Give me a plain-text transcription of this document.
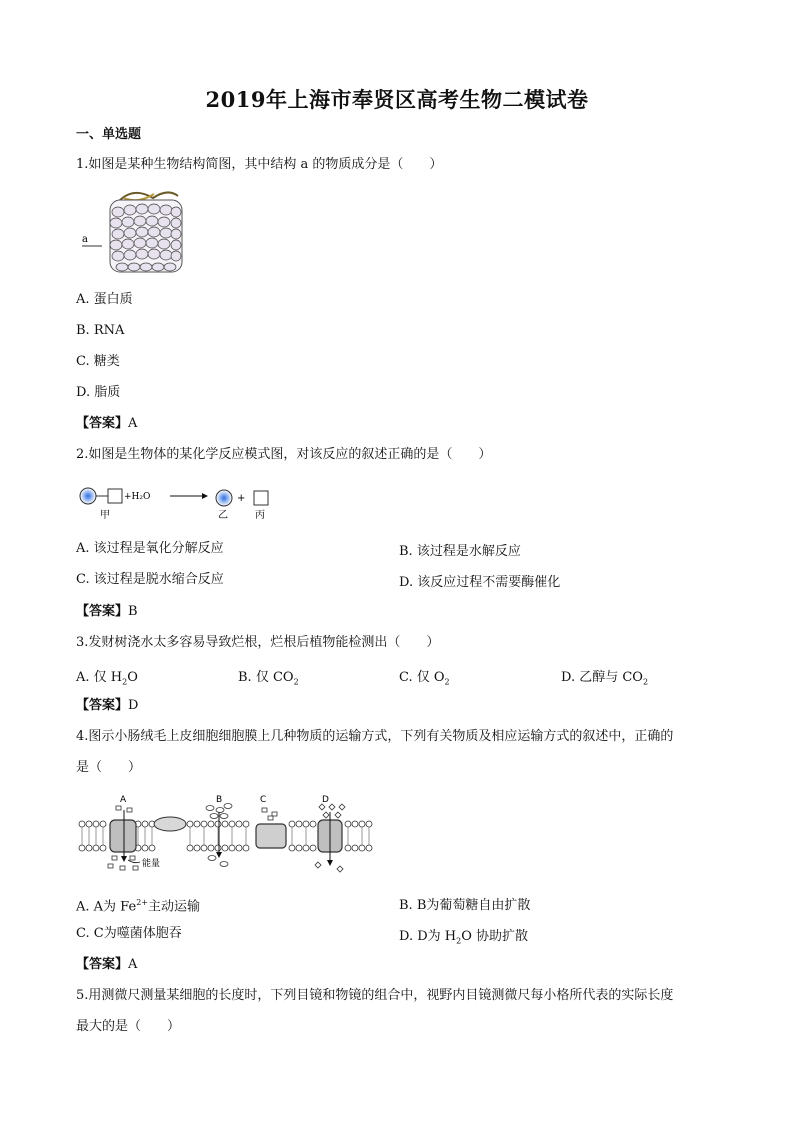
2019年上海市奉贤区高考生物二模试卷
一、单选题
1.如图是某种生物结构简图，其中结构 a 的物质成分是（　　）
a
A. 蛋白质
B. RNA
C. 糖类
D. 脂质
【答案】A
2.如图是生物体的某化学反应模式图，对该反应的叙述正确的是（　　）
甲
+H₂O
乙
+
丙
A. 该过程是氧化分解反应	B. 该过程是水解反应
C. 该过程是脱水缩合反应	D. 该反应过程不需要酶催化
【答案】B
3.发财树浇水太多容易导致烂根，烂根后植物能检测出（　　）
A. 仅 $H_2O$	B. 仅 $CO_2$	C. 仅 $O_2$	D. 乙醇与 $CO_2$
【答案】D
4.图示小肠绒毛上皮细胞细胞膜上几种物质的运输方式，下列有关物质及相应运输方式的叙述中，正确的
是（　　）
A
能量
B	C	D
A. A为 $Fe^{2+}$主动运输	B. B为葡萄糖自由扩散
C. C为噬菌体胞吞	D. D为 $H_2O$ 协助扩散
【答案】A
5.用测微尺测量某细胞的长度时，下列目镜和物镜的组合中，视野内目镜测微尺每小格所代表的实际长度
最大的是（　　）
